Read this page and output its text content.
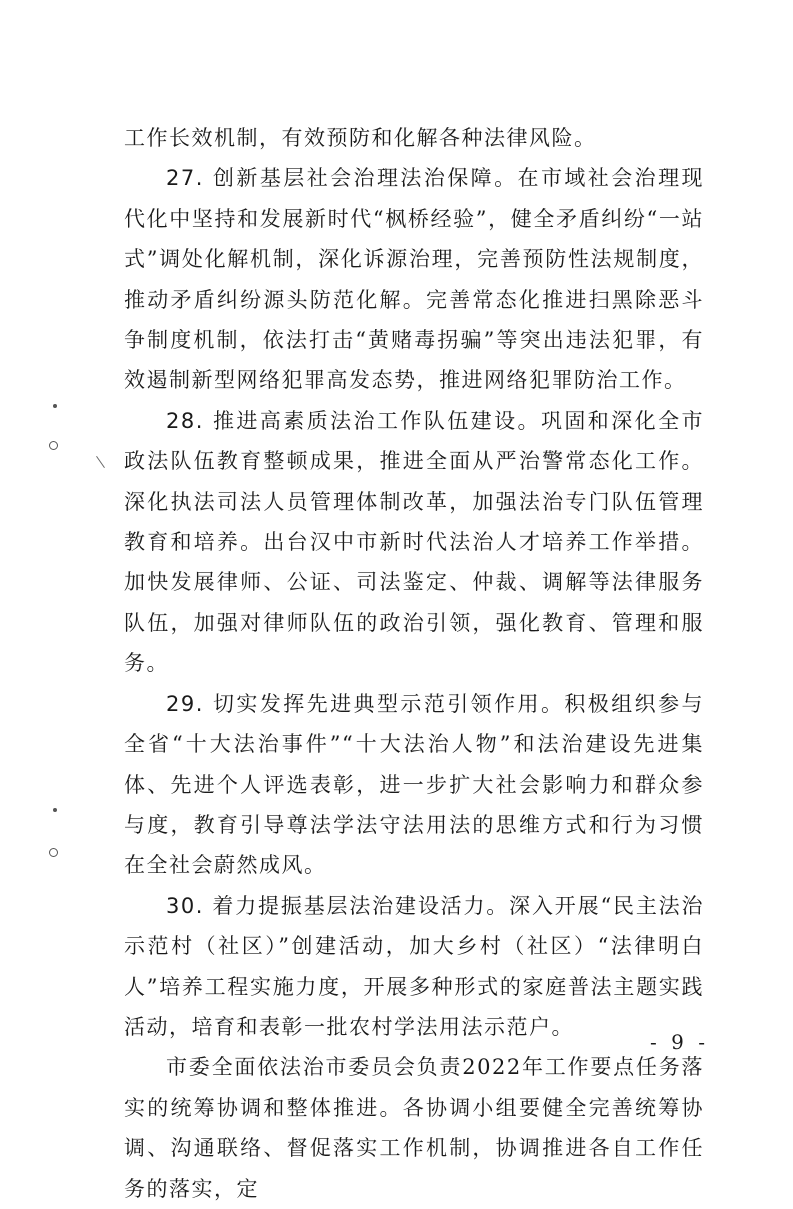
工作长效机制，有效预防和化解各种法律风险。

27. 创新基层社会治理法治保障。在市域社会治理现代化中坚持和发展新时代“枫桥经验”，健全矛盾纠纷“一站式”调处化解机制，深化诉源治理，完善预防性法规制度，推动矛盾纠纷源头防范化解。完善常态化推进扫黑除恶斗争制度机制，依法打击“黄赌毒拐骗”等突出违法犯罪，有效遏制新型网络犯罪高发态势，推进网络犯罪防治工作。

28. 推进高素质法治工作队伍建设。巩固和深化全市政法队伍教育整顿成果，推进全面从严治警常态化工作。深化执法司法人员管理体制改革，加强法治专门队伍管理教育和培养。出台汉中市新时代法治人才培养工作举措。加快发展律师、公证、司法鉴定、仲裁、调解等法律服务队伍，加强对律师队伍的政治引领，强化教育、管理和服务。

29. 切实发挥先进典型示范引领作用。积极组织参与全省“十大法治事件”“十大法治人物”和法治建设先进集体、先进个人评选表彰，进一步扩大社会影响力和群众参与度，教育引导尊法学法守法用法的思维方式和行为习惯在全社会蔚然成风。

30. 着力提振基层法治建设活力。深入开展“民主法治示范村（社区）”创建活动，加大乡村（社区）“法律明白人”培养工程实施力度，开展多种形式的家庭普法主题实践活动，培育和表彰一批农村学法用法示范户。

市委全面依法治市委员会负责2022年工作要点任务落实的统筹协调和整体推进。各协调小组要健全完善统筹协调、沟通联络、督促落实工作机制，协调推进各自工作任务的落实，定

- 9 -
